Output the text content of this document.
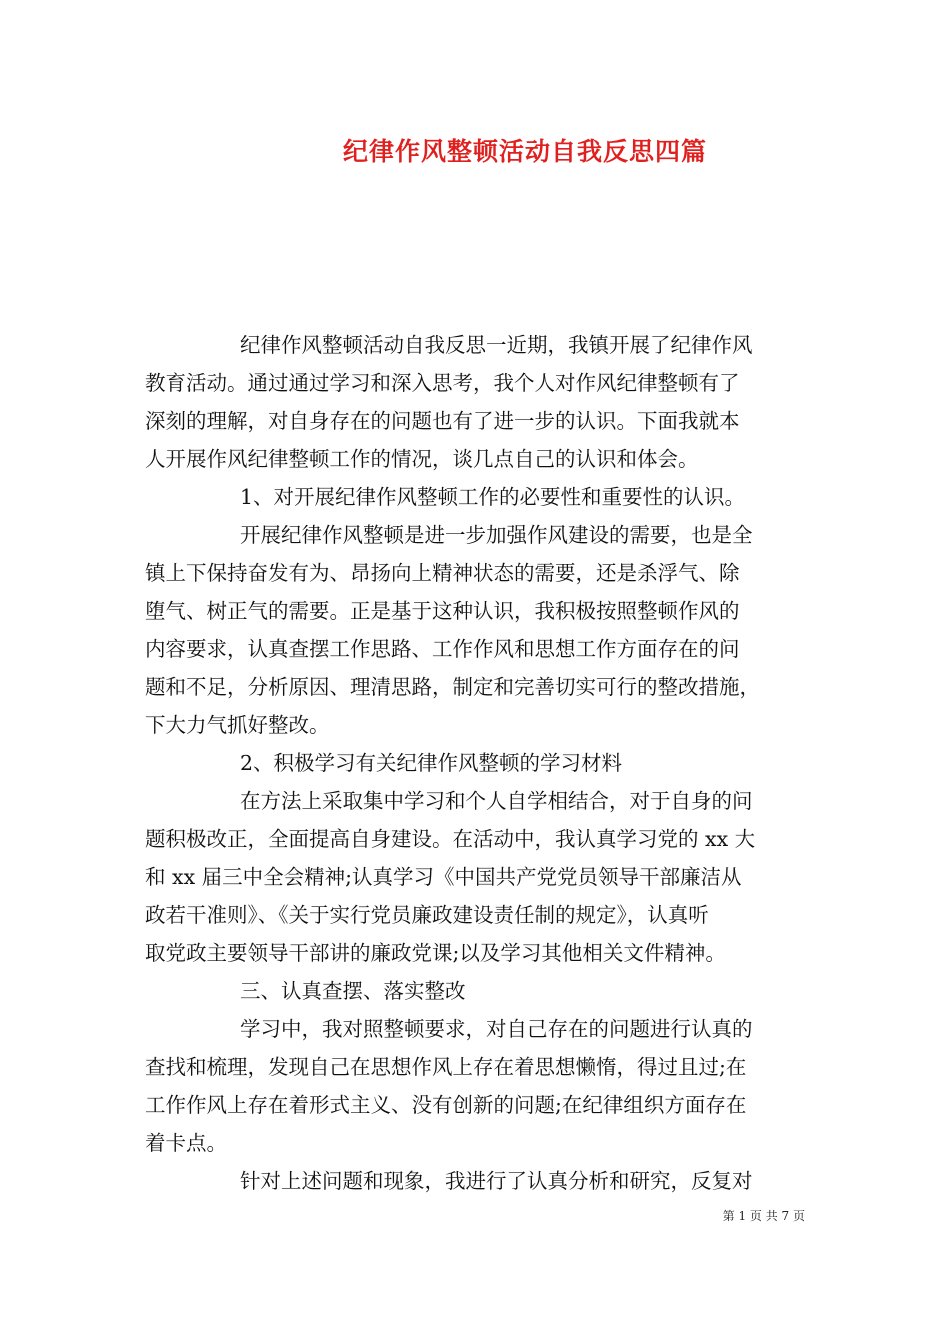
纪律作风整顿活动自我反思四篇
纪律作风整顿活动自我反思一近期，我镇开展了纪律作风
教育活动。通过通过学习和深入思考，我个人对作风纪律整顿有了
深刻的理解，对自身存在的问题也有了进一步的认识。下面我就本
人开展作风纪律整顿工作的情况，谈几点自己的认识和体会。
1、对开展纪律作风整顿工作的必要性和重要性的认识。
开展纪律作风整顿是进一步加强作风建设的需要，也是全
镇上下保持奋发有为、昂扬向上精神状态的需要，还是杀浮气、除
堕气、树正气的需要。正是基于这种认识，我积极按照整顿作风的
内容要求，认真查摆工作思路、工作作风和思想工作方面存在的问
题和不足，分析原因、理清思路，制定和完善切实可行的整改措施，
下大力气抓好整改。
2、积极学习有关纪律作风整顿的学习材料
在方法上采取集中学习和个人自学相结合，对于自身的问
题积极改正，全面提高自身建设。在活动中，我认真学习党的 xx 大
和 xx 届三中全会精神;认真学习《中国共产党党员领导干部廉洁从
政若干准则》、《关于实行党员廉政建设责任制的规定》，认真听
取党政主要领导干部讲的廉政党课;以及学习其他相关文件精神。
三、认真查摆、落实整改
学习中，我对照整顿要求，对自己存在的问题进行认真的
查找和梳理，发现自己在思想作风上存在着思想懒惰，得过且过;在
工作作风上存在着形式主义、没有创新的问题;在纪律组织方面存在
着卡点。
针对上述问题和现象，我进行了认真分析和研究，反复对
第 1 页 共 7 页
